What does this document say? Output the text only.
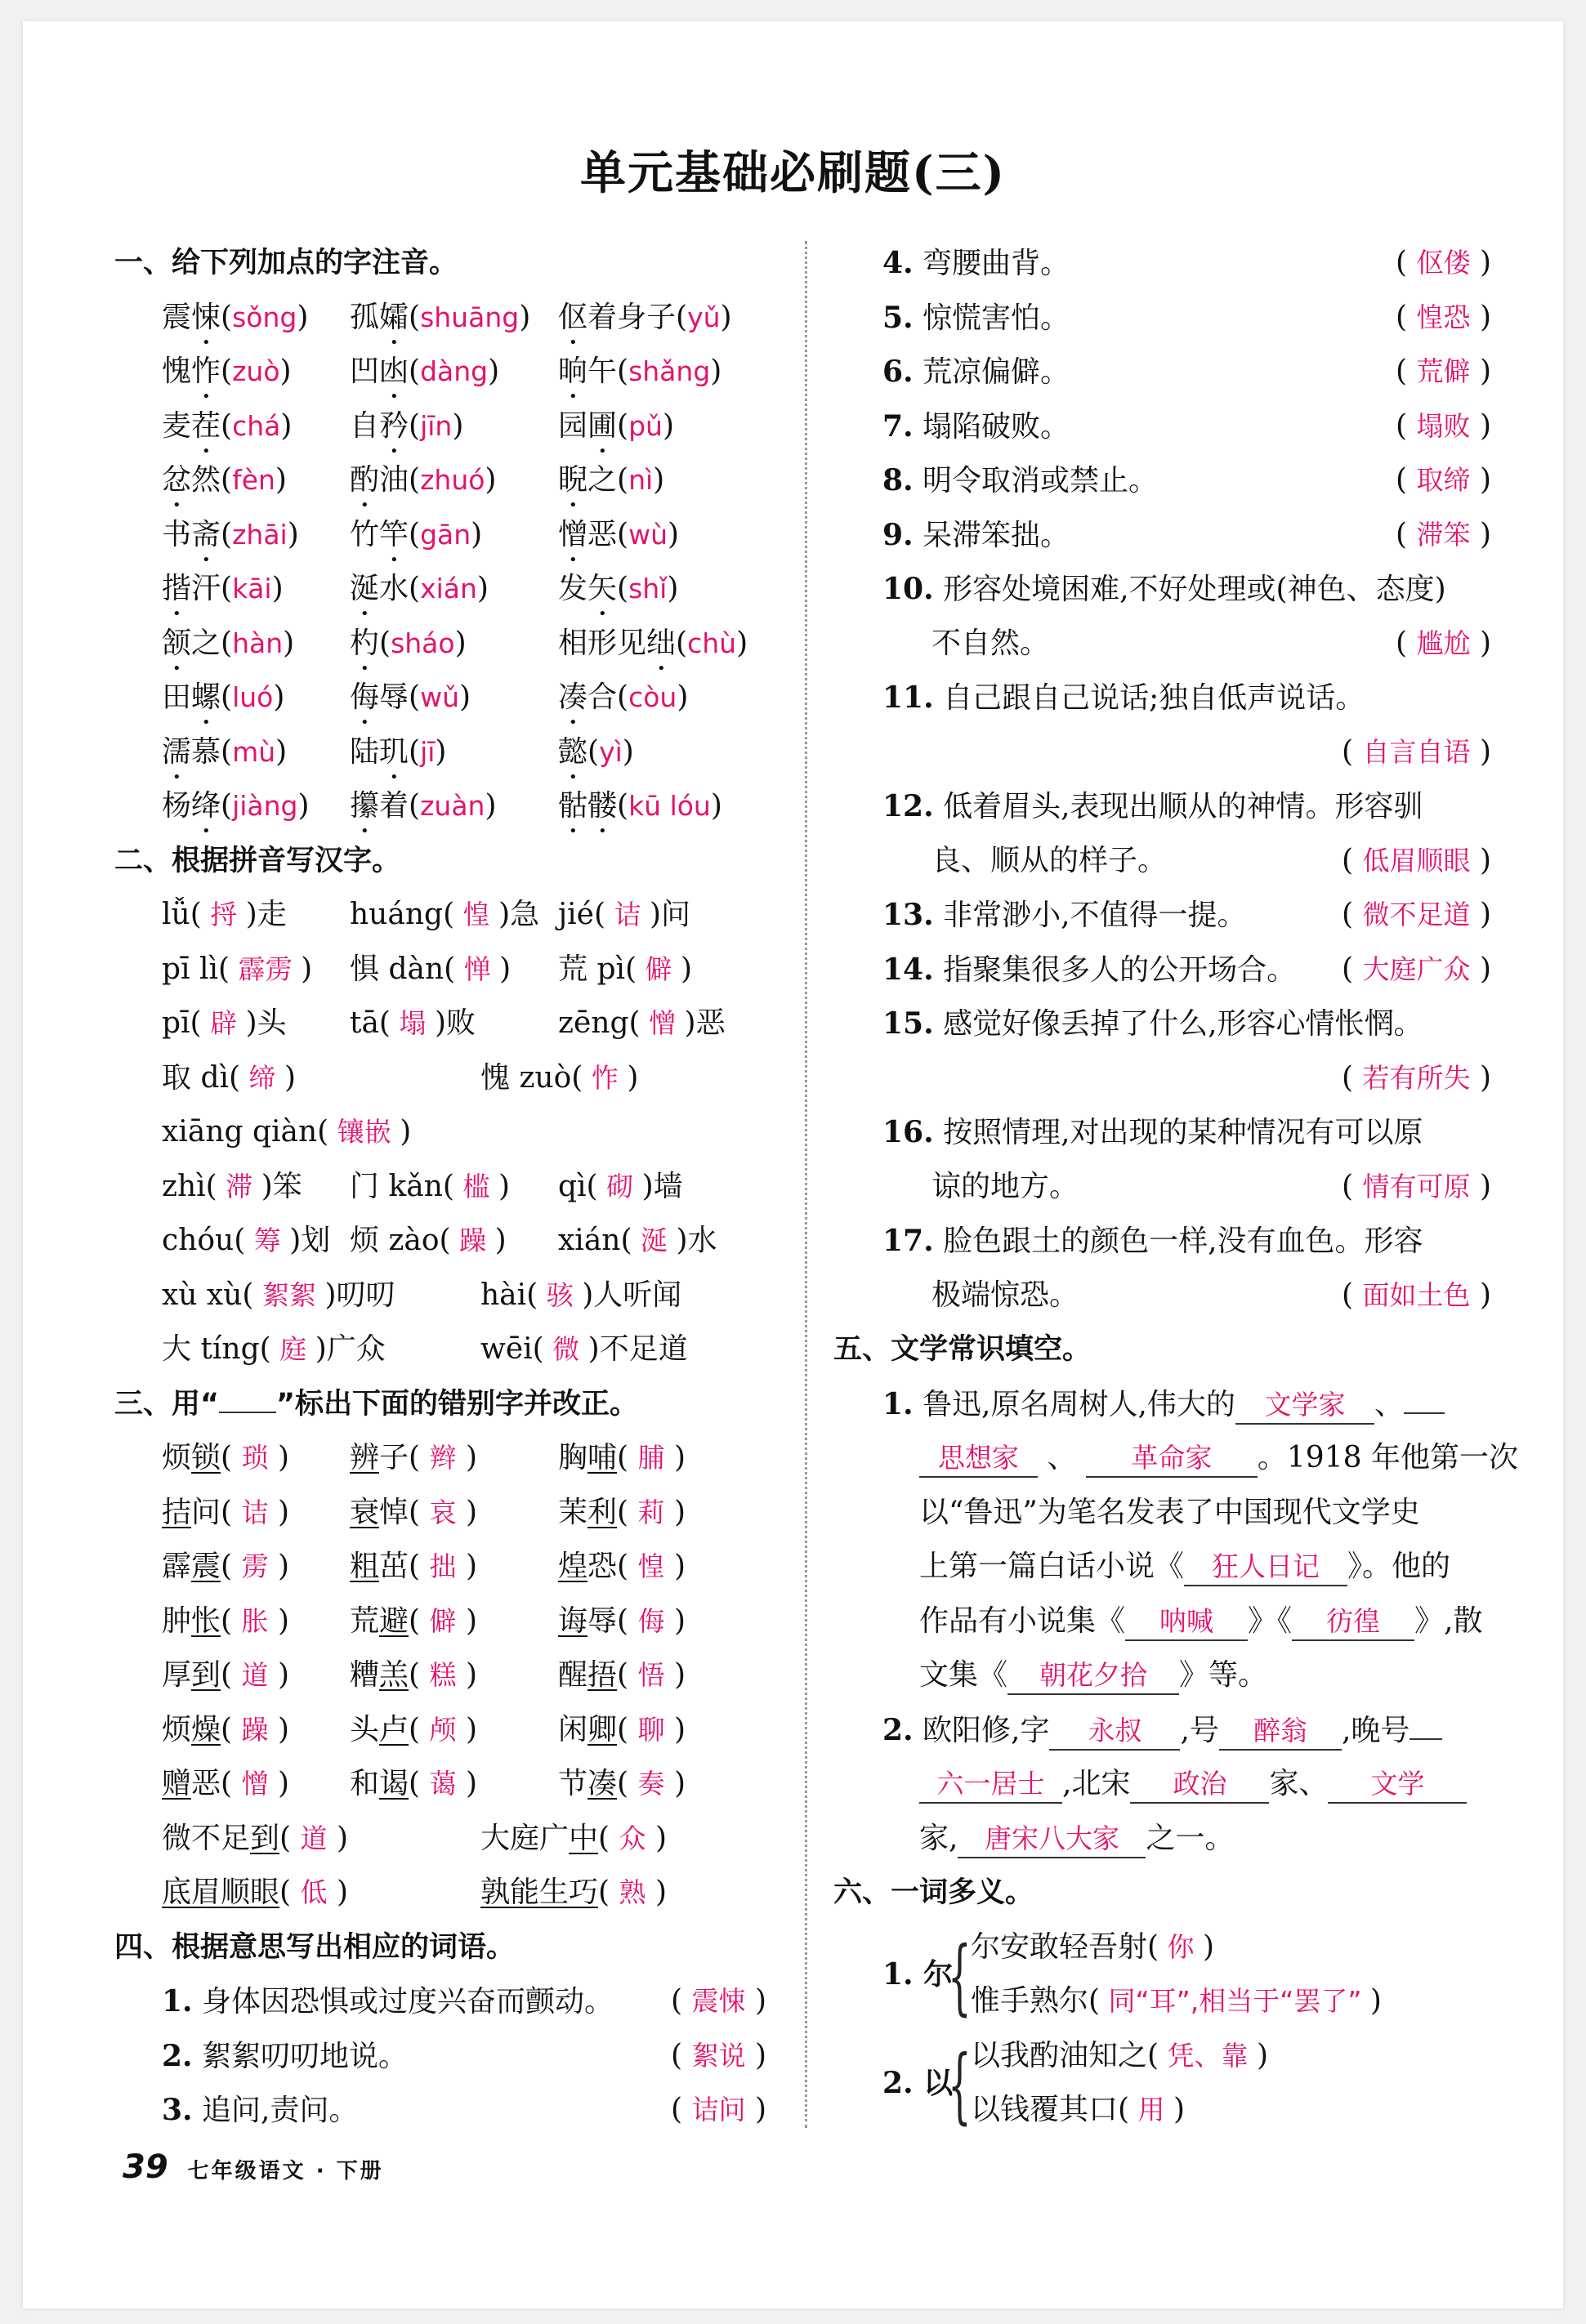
单元基础必刷题(三)
一、给下列加点的字注音。
震悚(sǒng) 孤孀(shuāng) 伛着身子(yǔ)
愧怍(zuò) 凹凼(dàng) 晌午(shǎng)
麦茬(chá) 自矜(jīn)	园圃(pǔ)
忿然(fèn) 酌油(zhuó) 睨之(nì)
书斋(zhāi) 竹竿(gān)	憎恶(wù)
揩汗(kāi) 涎水(xián) 发矢(shǐ)
颔之(hàn) 杓(sháo)	相形见绌(chù)
田螺(luó) 侮辱(wǔ)	凑合(còu)
濡慕(mù) 陆玑(jī)	懿(yì)
杨绛(jiàng) 攥着(zuàn) 骷髅(kū lóu)
二、根据拼音写汉字。
lǚ( 捋 )走 huáng( 惶 )急 jié( 诘 )问
pī lì( 霹雳 ) 惧 dàn( 惮 ) 荒 pì( 僻 )
pī( 辟 )头 tā( 塌 )败	zēng( 憎 )恶
取 dì( 缔 )	愧 zuò( 怍 )
xiāng qiàn( 镶嵌 )
zhì( 滞 )笨 门 kǎn( 槛 ) qì( 砌 )墙
chóu( 筹 )划 烦 zào( 躁 ) xián( 涎 )水
xù xù( 絮絮 )叨叨	hài( 骇 )人听闻
大 tíng( 庭 )广众	wēi( 微 )不足道
三、用“ ”标出下面的错别字并改正。
烦锁( 琐 ) 辨子( 辫 )	胸哺( 脯 )
拮问( 诘 ) 衰悼( 哀 )	茉利( 莉 )
霹震( 雳 ) 粗茁( 拙 )	煌恐( 惶 )
肿怅( 胀 ) 荒避( 僻 )	诲辱( 侮 )
厚到( 道 ) 糟羔( 糕 )	醒捂( 悟 )
烦燥( 躁 ) 头卢( 颅 )	闲卿( 聊 )
赠恶( 憎 ) 和谒( 蔼 )	节凑( 奏 )
微不足到( 道 )	大庭广中( 众 )
底眉顺眼( 低 )	孰能生巧( 熟 )
四、根据意思写出相应的词语。
1. 身体因恐惧或过度兴奋而颤动。 ( 震悚 )
2. 絮絮叨叨地说。	( 絮说 )
3. 追问,责问。	( 诘问 )
4. 弯腰曲背。	( 伛偻 )
5. 惊慌害怕。	( 惶恐 )
6. 荒凉偏僻。	( 荒僻 )
7. 塌陷破败。	( 塌败 )
8. 明令取消或禁止。	( 取缔 )
9. 呆滞笨拙。	( 滞笨 )
10. 形容处境困难,不好处理或(神色、态度)
不自然。	( 尴尬 )
11. 自己跟自己说话;独自低声说话。
( 自言自语 )
12. 低着眉头,表现出顺从的神情。形容驯
良、顺从的样子。	( 低眉顺眼 )
13. 非常渺小,不值得一提。	( 微不足道 )
14. 指聚集很多人的公开场合。 ( 大庭广众 )
15. 感觉好像丢掉了什么,形容心情怅惘。
( 若有所失 )
16. 按照情理,对出现的某种情况有可以原
谅的地方。	( 情有可原 )
17. 脸色跟土的颜色一样,没有血色。形容
极端惊恐。	( 面如土色 )
五、文学常识填空。
1. 鲁迅,原名周树人,伟大的 文学家 、
思想家 、 革命家 。1918 年他第一次
以“鲁迅”为笔名发表了中国现代文学史
上第一篇白话小说《 狂人日记 》。他的
作品有小说集《 呐喊 》《 彷徨 》,散
文集《 朝花夕拾 》等。
2. 欧阳修,字 永叔 ,号 醉翁 ,晚号
六一居士 ,北宋 政治 家、 文学
家, 唐宋八大家 之一。
六、一词多义。
1. 尔
{ 尔安敢轻吾射( 你 )
惟手熟尔( 同“耳”,相当于“罢了” )
2. 以
{ 以我酌油知之( 凭、靠 )
以钱覆其口( 用 )
39 七年级语文 · 下册
